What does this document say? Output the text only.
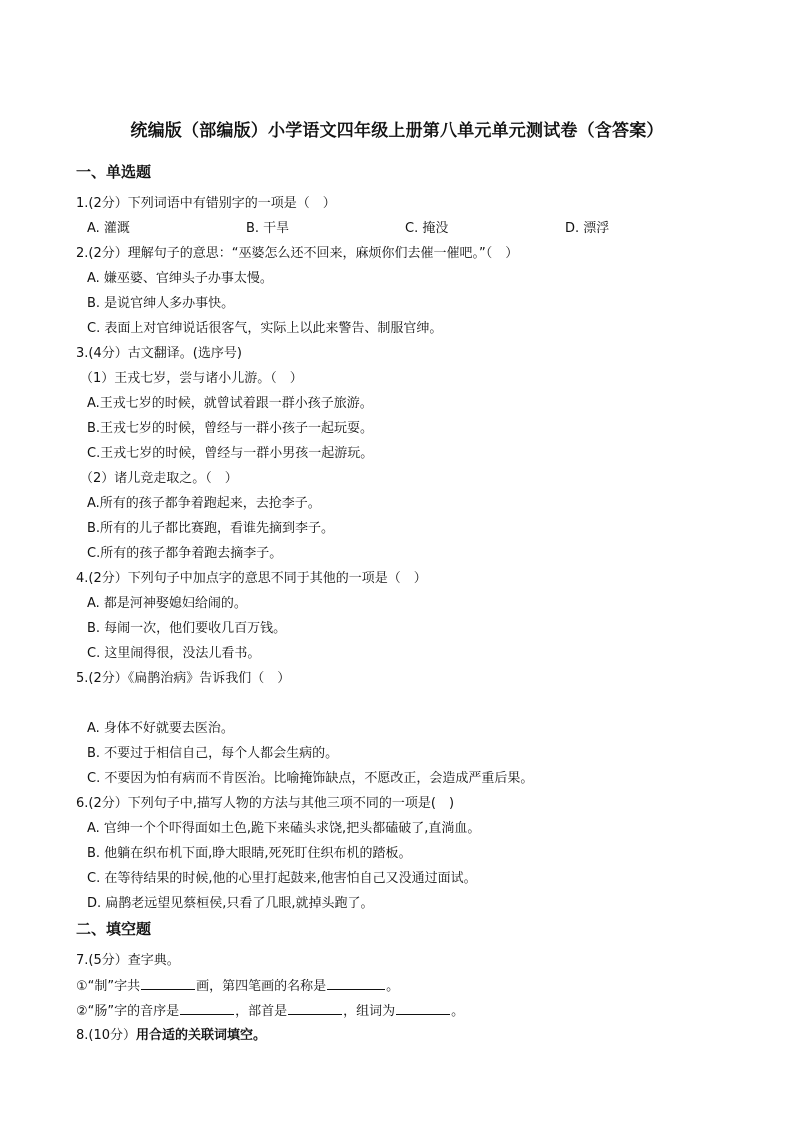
统编版（部编版）小学语文四年级上册第八单元单元测试卷（含答案）
一、单选题
1.(2分）下列词语中有错别字的一项是（　）
A. 灌溉	B. 干旱	C. 掩没	D. 漂浮
2.(2分）理解句子的意思：“巫婆怎么还不回来，麻烦你们去催一催吧。”（　）
A. 嫌巫婆、官绅头子办事太慢。
B. 是说官绅人多办事快。
C. 表面上对官绅说话很客气，实际上以此来警告、制服官绅。
3.(4分）古文翻译。(选序号)
（1）王戎七岁，尝与诸小儿游。（　）
A.王戎七岁的时候，就曾试着跟一群小孩子旅游。
B.王戎七岁的时候，曾经与一群小孩子一起玩耍。
C.王戎七岁的时候，曾经与一群小男孩一起游玩。
（2）诸儿竞走取之。（　）
A.所有的孩子都争着跑起来，去抢李子。
B.所有的儿子都比赛跑，看谁先摘到李子。
C.所有的孩子都争着跑去摘李子。
4.(2分）下列句子中加点字的意思不同于其他的一项是（　）
A. 都是河神娶媳妇给闹的。
B. 每闹一次，他们要收几百万钱。
C. 这里闹得很，没法儿看书。
5.(2分）《扁鹊治病》告诉我们（　）
A. 身体不好就要去医治。
B. 不要过于相信自己，每个人都会生病的。
C. 不要因为怕有病而不肯医治。比喻掩饰缺点，不愿改正，会造成严重后果。
6.(2分）下列句子中,描写人物的方法与其他三项不同的一项是(　)
A. 官绅一个个吓得面如土色,跪下来磕头求饶,把头都磕破了,直淌血。
B. 他躺在织布机下面,睁大眼睛,死死盯住织布机的踏板。
C. 在等待结果的时候,他的心里打起鼓来,他害怕自己又没通过面试。
D. 扁鹊老远望见蔡桓侯,只看了几眼,就掉头跑了。
二、填空题
7.(5分）查字典。
①“制”字共	画，第四笔画的名称是	。
②“肠”字的音序是	，部首是	，组词为	。
8.(10分）用合适的关联词填空。
